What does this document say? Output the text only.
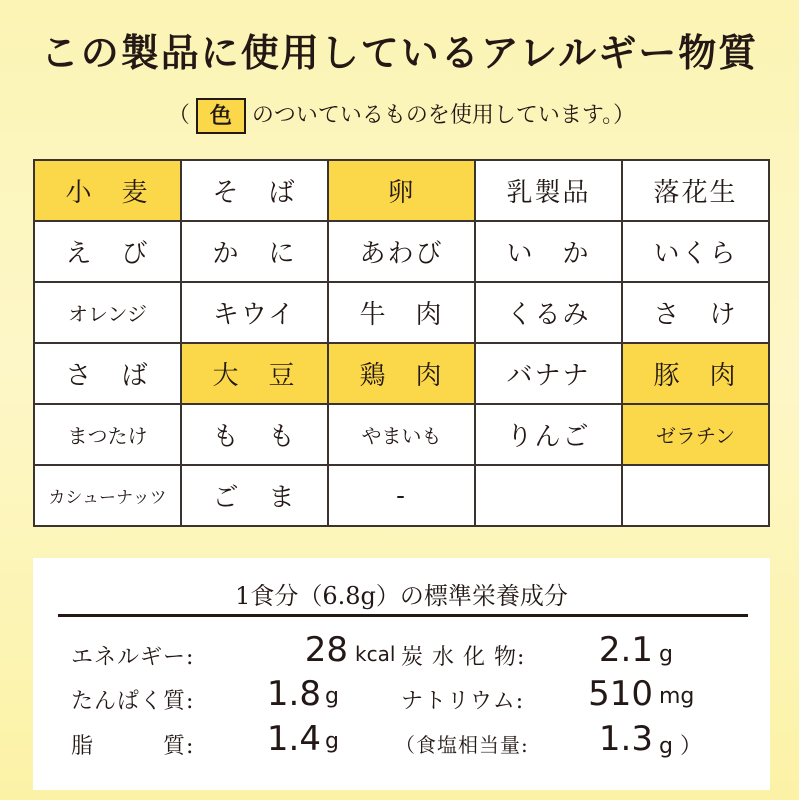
この製品に使用しているアレルギー物質
（ 色 のついているものを使用しています。）
小　麦	そ　ば	卵	乳製品	落花生
え　び	か　に	あわび	い　か	いくら
オレンジ	キウイ	牛　肉	くるみ	さ　け
さ　ば	大　豆	鶏　肉	バナナ	豚　肉
まつたけ	も　も	やまいも	りんご	ゼラチン
カシューナッツ	ご　ま	-		
1食分（6.8g）の標準栄養成分
エネルギー:	28 kcal
たんぱく質:	1.8 g
脂　　　質:	1.4 g
炭 水 化 物:	2.1 g
ナトリウム:	510 mg
（食塩相当量:	1.3 g ）
